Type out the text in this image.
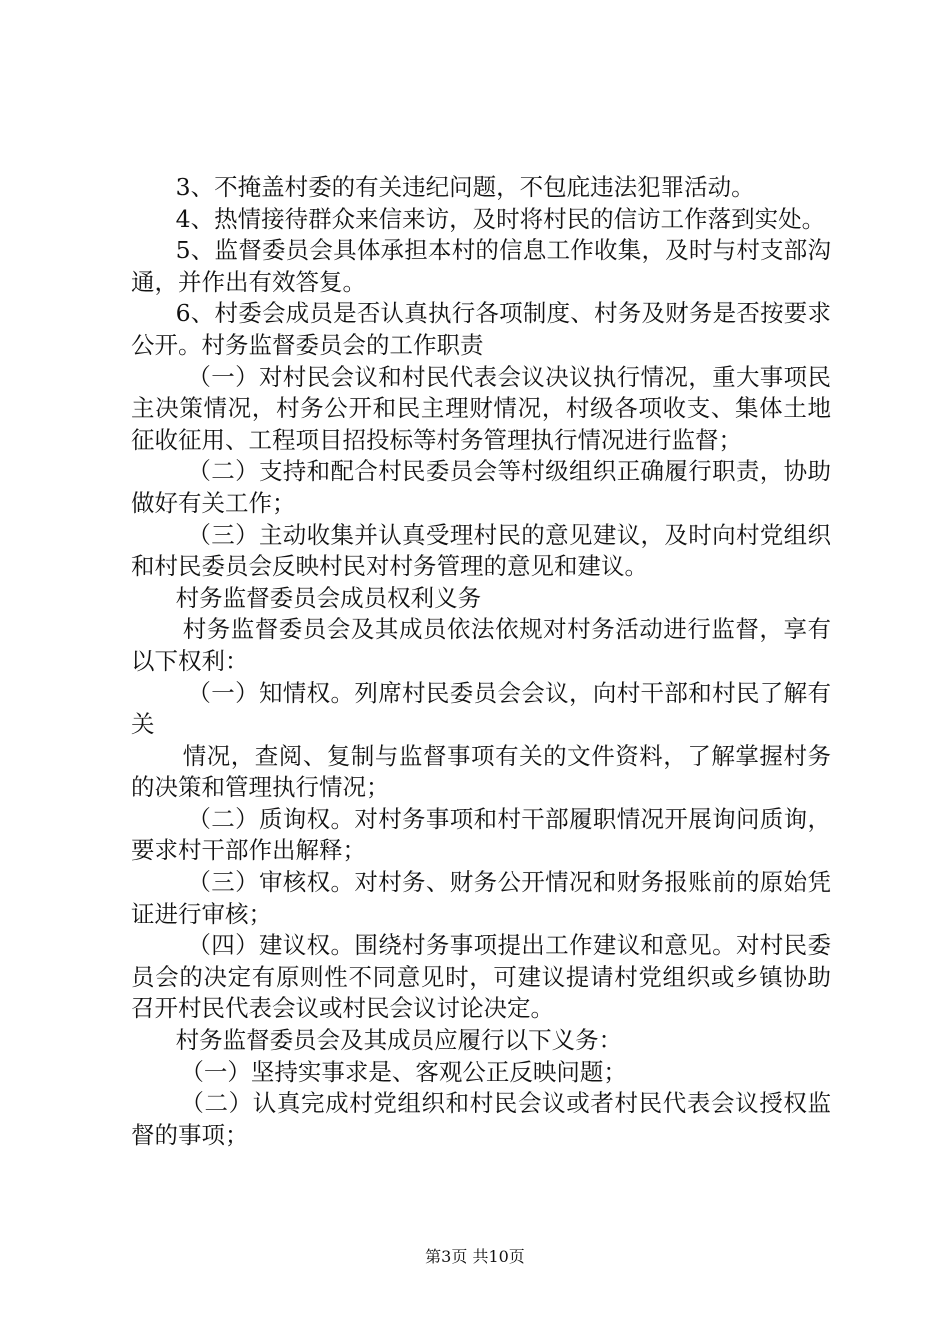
3、不掩盖村委的有关违纪问题，不包庇违法犯罪活动。

4、热情接待群众来信来访，及时将村民的信访工作落到实处。

5、监督委员会具体承担本村的信息工作收集，及时与村支部沟通，并作出有效答复。

6、村委会成员是否认真执行各项制度、村务及财务是否按要求公开。村务监督委员会的工作职责

（一）对村民会议和村民代表会议决议执行情况，重大事项民主决策情况，村务公开和民主理财情况，村级各项收支、集体土地征收征用、工程项目招投标等村务管理执行情况进行监督；

（二）支持和配合村民委员会等村级组织正确履行职责，协助做好有关工作；

（三）主动收集并认真受理村民的意见建议，及时向村党组织和村民委员会反映村民对村务管理的意见和建议。

村务监督委员会成员权利义务

村务监督委员会及其成员依法依规对村务活动进行监督，享有以下权利：

（一）知情权。列席村民委员会会议，向村干部和村民了解有关

情况，查阅、复制与监督事项有关的文件资料，了解掌握村务的决策和管理执行情况；

（二）质询权。对村务事项和村干部履职情况开展询问质询，要求村干部作出解释；

（三）审核权。对村务、财务公开情况和财务报账前的原始凭证进行审核；

（四）建议权。围绕村务事项提出工作建议和意见。对村民委员会的决定有原则性不同意见时，可建议提请村党组织或乡镇协助召开村民代表会议或村民会议讨论决定。

村务监督委员会及其成员应履行以下义务：

（一）坚持实事求是、客观公正反映问题；

（二）认真完成村党组织和村民会议或者村民代表会议授权监督的事项；

第3页 共10页
